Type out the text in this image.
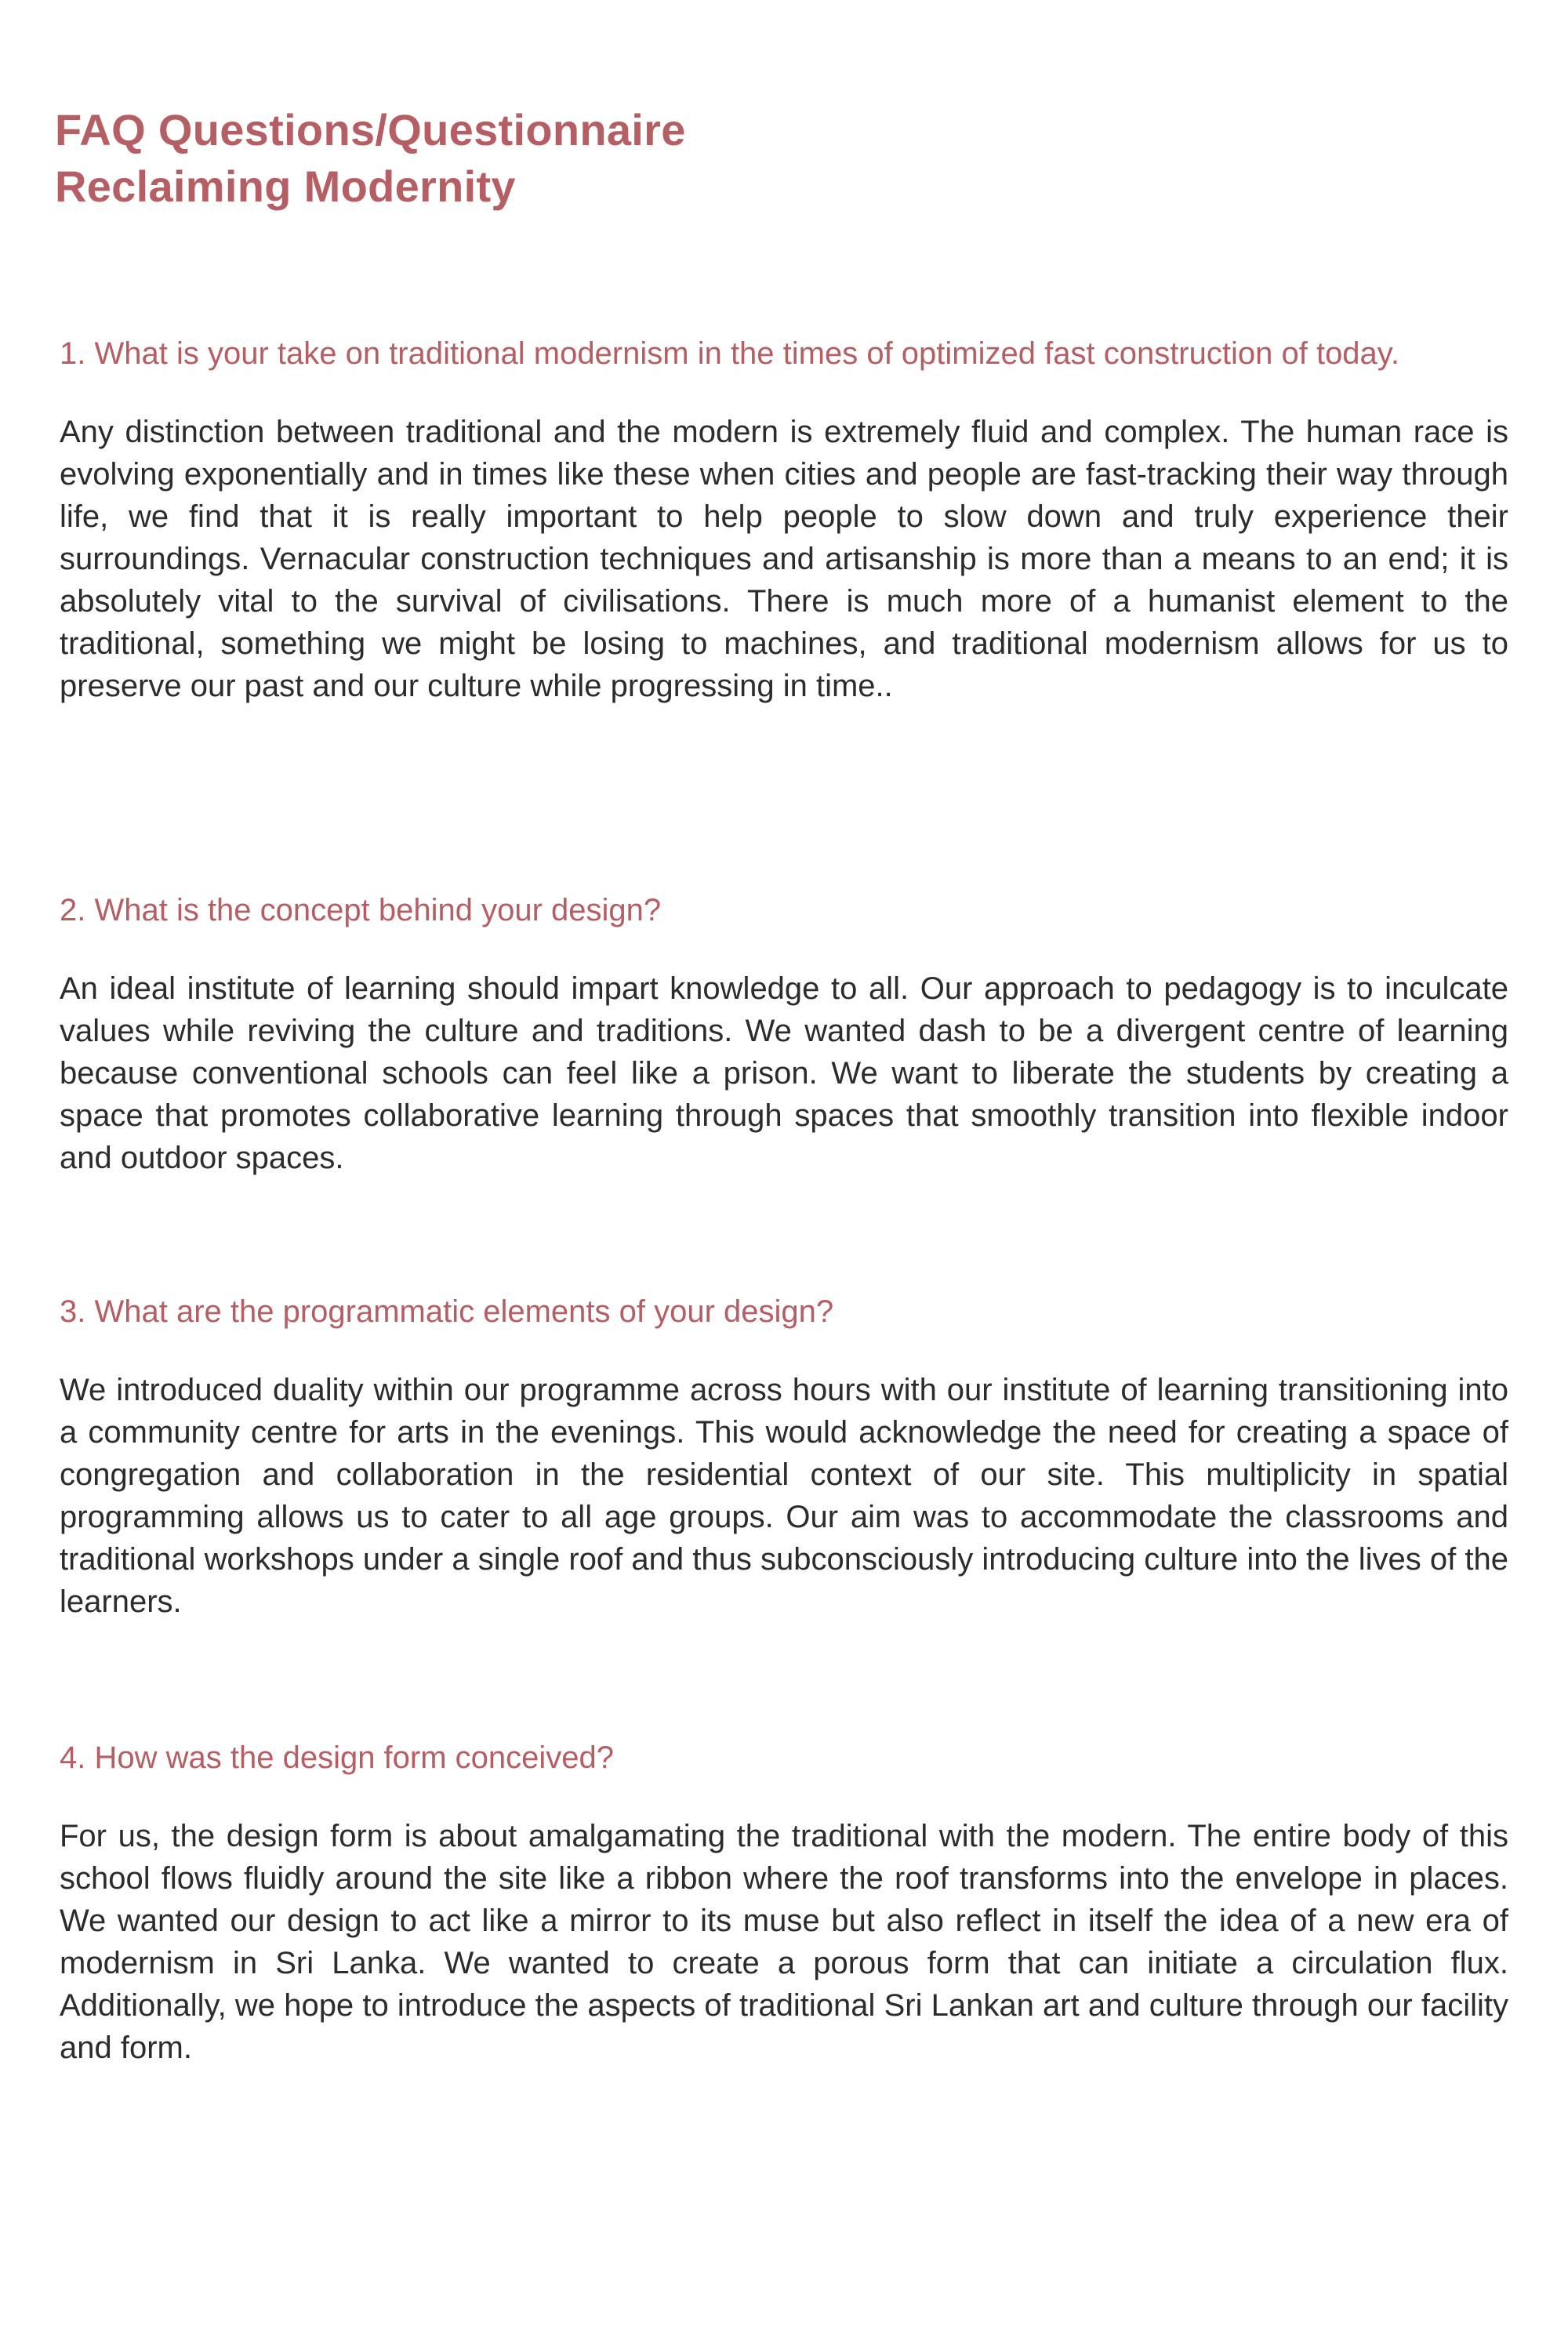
FAQ Questions/Questionnaire
Reclaiming Modernity

1. What is your take on traditional modernism in the times of optimized fast construction of today.

Any distinction between traditional and the modern is extremely fluid and complex. The human race is evolving exponentially and in times like these when cities and people are fast-tracking their way through life, we find that it is really important to help people to slow down and truly experience their surroundings. Vernacular construction techniques and artisanship is more than a means to an end; it is absolutely vital to the survival of civilisations. There is much more of a humanist element to the traditional, something we might be losing to machines, and traditional modernism allows for us to preserve our past and our culture while progressing in time..

2. What is the concept behind your design?

An ideal institute of learning should impart knowledge to all. Our approach to pedagogy is to inculcate values while reviving the culture and traditions. We wanted dash to be a divergent centre of learning because conventional schools can feel like a prison. We want to liberate the students by creating a space that promotes collaborative learning through spaces that smoothly transition into flexible indoor and outdoor spaces.

3. What are the programmatic elements of your design?

We introduced duality within our programme across hours with our institute of learning transitioning into a community centre for arts in the evenings. This would acknowledge the need for creating a space of congregation and collaboration in the residential context of our site. This multiplicity in spatial programming allows us to cater to all age groups. Our aim was to accommodate the classrooms and traditional workshops under a single roof and thus subconsciously introducing culture into the lives of the learners.

4. How was the design form conceived?

For us, the design form is about amalgamating the traditional with the modern. The entire body of this school flows fluidly around the site like a ribbon where the roof transforms into the envelope in places. We wanted our design to act like a mirror to its muse but also reflect in itself the idea of a new era of modernism in Sri Lanka. We wanted to create a porous form that can initiate a circulation flux. Additionally, we hope to introduce the aspects of traditional Sri Lankan art and culture through our facility and form.
